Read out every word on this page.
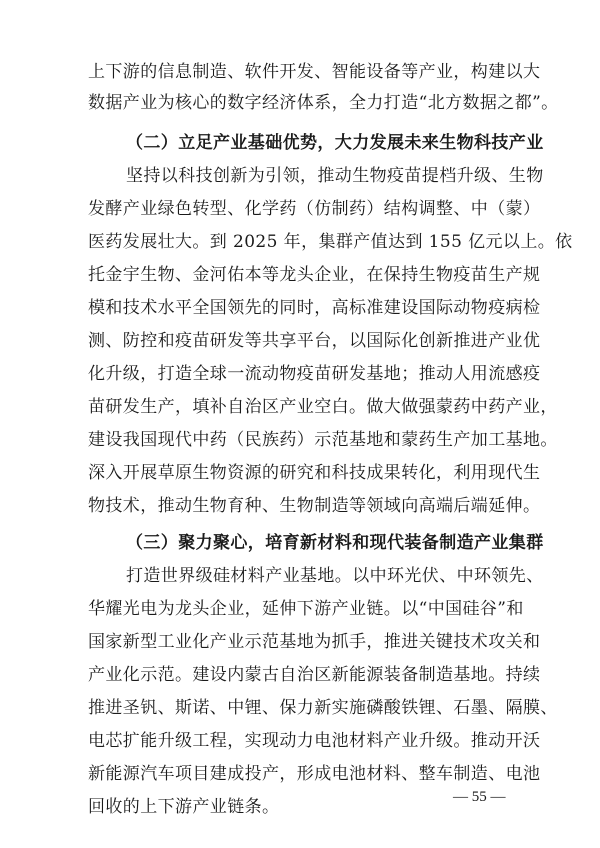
上下游的信息制造、软件开发、智能设备等产业，构建以大
数据产业为核心的数字经济体系，全力打造“北方数据之都”。
（二）立足产业基础优势，大力发展未来生物科技产业
坚持以科技创新为引领，推动生物疫苗提档升级、生物
发酵产业绿色转型、化学药（仿制药）结构调整、中（蒙）
医药发展壮大。到 2025 年，集群产值达到 155 亿元以上。依
托金宇生物、金河佑本等龙头企业，在保持生物疫苗生产规
模和技术水平全国领先的同时，高标准建设国际动物疫病检
测、防控和疫苗研发等共享平台，以国际化创新推进产业优
化升级，打造全球一流动物疫苗研发基地；推动人用流感疫
苗研发生产，填补自治区产业空白。做大做强蒙药中药产业，
建设我国现代中药（民族药）示范基地和蒙药生产加工基地。
深入开展草原生物资源的研究和科技成果转化，利用现代生
物技术，推动生物育种、生物制造等领域向高端后端延伸。
（三）聚力聚心，培育新材料和现代装备制造产业集群
打造世界级硅材料产业基地。以中环光伏、中环领先、
华耀光电为龙头企业，延伸下游产业链。以“中国硅谷”和
国家新型工业化产业示范基地为抓手，推进关键技术攻关和
产业化示范。建设内蒙古自治区新能源装备制造基地。持续
推进圣钒、斯诺、中锂、保力新实施磷酸铁锂、石墨、隔膜、
电芯扩能升级工程，实现动力电池材料产业升级。推动开沃
新能源汽车项目建成投产，形成电池材料、整车制造、电池
回收的上下游产业链条。	— 55 —
